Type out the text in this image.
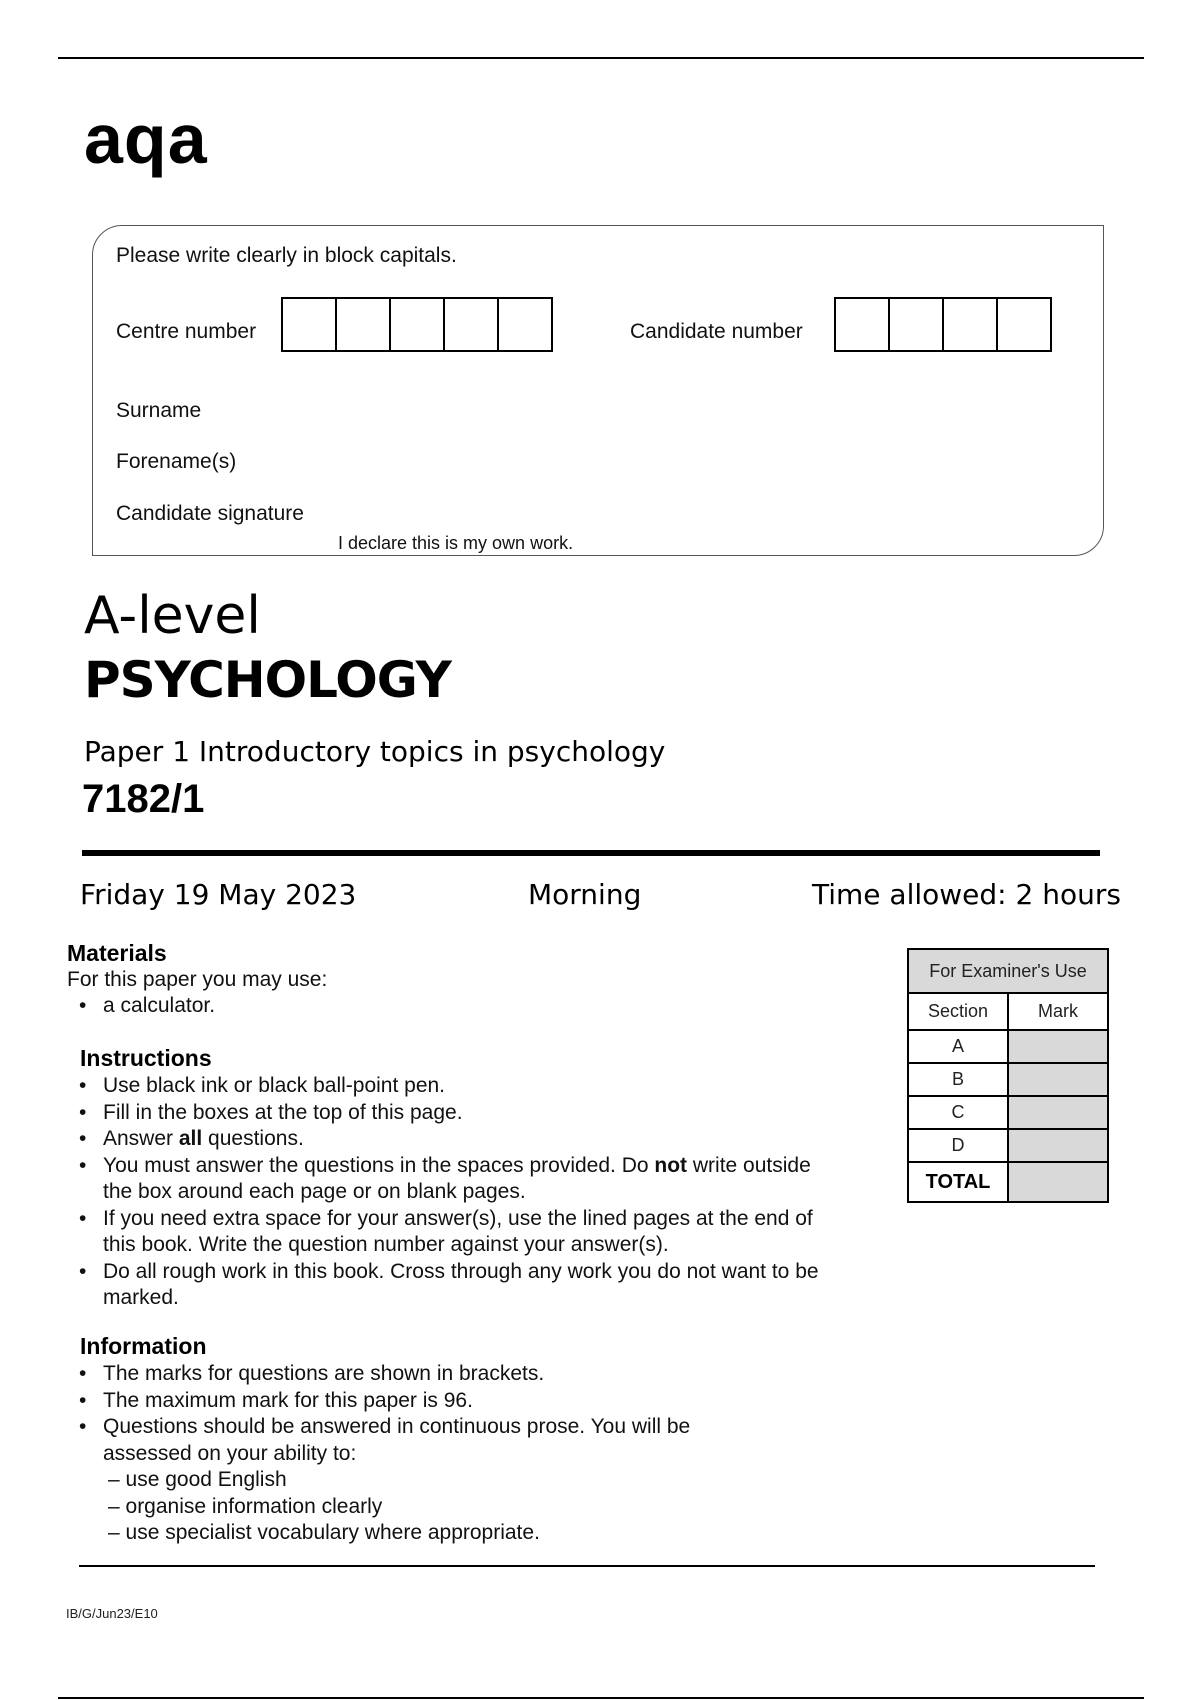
aqa
Please write clearly in block capitals.
Centre number	Candidate number
Surname
Forename(s)
Candidate signature
I declare this is my own work.
A-level
PSYCHOLOGY
Paper 1 Introductory topics in psychology
7182/1
Friday 19 May 2023	Morning	Time allowed: 2 hours
Materials
For this paper you may use:
• a calculator.
Instructions
• Use black ink or black ball-point pen.
• Fill in the boxes at the top of this page.
• Answer all questions.
• You must answer the questions in the spaces provided. Do not write outside the box around each page or on blank pages.
• If you need extra space for your answer(s), use the lined pages at the end of this book. Write the question number against your answer(s).
• Do all rough work in this book. Cross through any work you do not want to be marked.
Information
• The marks for questions are shown in brackets.
• The maximum mark for this paper is 96.
• Questions should be answered in continuous prose. You will be assessed on your ability to:
– use good English
– organise information clearly
– use specialist vocabulary where appropriate.
For Examiner's Use	
Section	Mark
A	
B	
C	
D	
TOTAL	
IB/G/Jun23/E10
